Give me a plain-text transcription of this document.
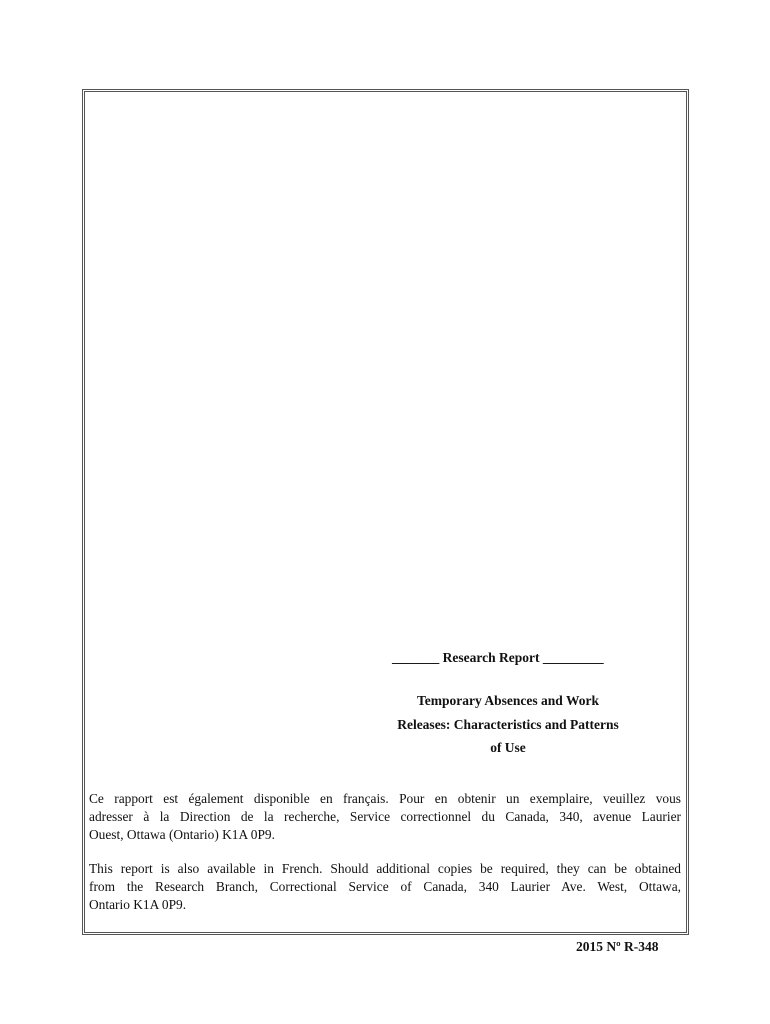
_______ Research Report _________
Temporary Absences and Work
Releases: Characteristics and Patterns
of Use
Ce rapport est également disponible en français. Pour en obtenir un exemplaire, veuillez vous
adresser à la Direction de la recherche, Service correctionnel du Canada, 340, avenue Laurier
Ouest, Ottawa (Ontario) K1A 0P9.
This report is also available in French. Should additional copies be required, they can be obtained
from the Research Branch, Correctional Service of Canada, 340 Laurier Ave. West, Ottawa,
Ontario K1A 0P9.
2015 Nº R-348
